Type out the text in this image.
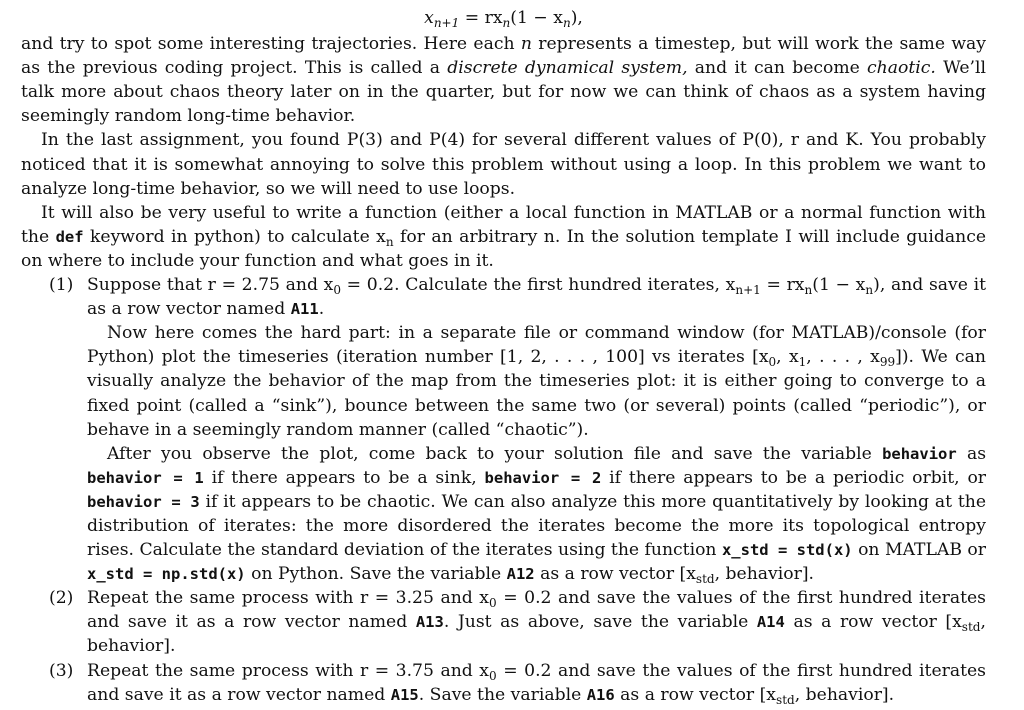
$x_{n+1} = rx_n(1 - x_n)$,

and try to spot some interesting trajectories. Here each n represents a timestep, but will work the same way as the previous coding project. This is called a discrete dynamical system, and it can become chaotic. We’ll talk more about chaos theory later on in the quarter, but for now we can think of chaos as a system having seemingly random long-time behavior.

In the last assignment, you found P(3) and P(4) for several different values of P(0), r and K. You probably noticed that it is somewhat annoying to solve this problem without using a loop. In this problem we want to analyze long-time behavior, so we will need to use loops.

It will also be very useful to write a function (either a local function in MATLAB or a normal function with the def keyword in python) to calculate $x_n$ for an arbitrary n. In the solution template I will include guidance on where to include your function and what goes in it.

(1) Suppose that r = 2.75 and $x_0 = 0.2$. Calculate the first hundred iterates, $x_{n+1} = rx_n(1 - x_n)$, and save it as a row vector named A11.

Now here comes the hard part: in a separate file or command window (for MATLAB)/console (for Python) plot the timeseries (iteration number [1, 2, . . . , 100] vs iterates [$x_0$, $x_1$, . . . , $x_{99}$]). We can visually analyze the behavior of the map from the timeseries plot: it is either going to converge to a fixed point (called a “sink”), bounce between the same two (or several) points (called “periodic”), or behave in a seemingly random manner (called “chaotic”).

After you observe the plot, come back to your solution file and save the variable behavior as behavior = 1 if there appears to be a sink, behavior = 2 if there appears to be a periodic orbit, or behavior = 3 if it appears to be chaotic. We can also analyze this more quantitatively by looking at the distribution of iterates: the more disordered the iterates become the more its topological entropy rises. Calculate the standard deviation of the iterates using the function x_std = std(x) on MATLAB or x_std = np.std(x) on Python. Save the variable A12 as a row vector [$x_{std}$, behavior].

(2) Repeat the same process with r = 3.25 and $x_0 = 0.2$ and save the values of the first hundred iterates and save it as a row vector named A13. Just as above, save the variable A14 as a row vector [$x_{std}$, behavior].

(3) Repeat the same process with r = 3.75 and $x_0 = 0.2$ and save the values of the first hundred iterates and save it as a row vector named A15. Save the variable A16 as a row vector [$x_{std}$, behavior].
